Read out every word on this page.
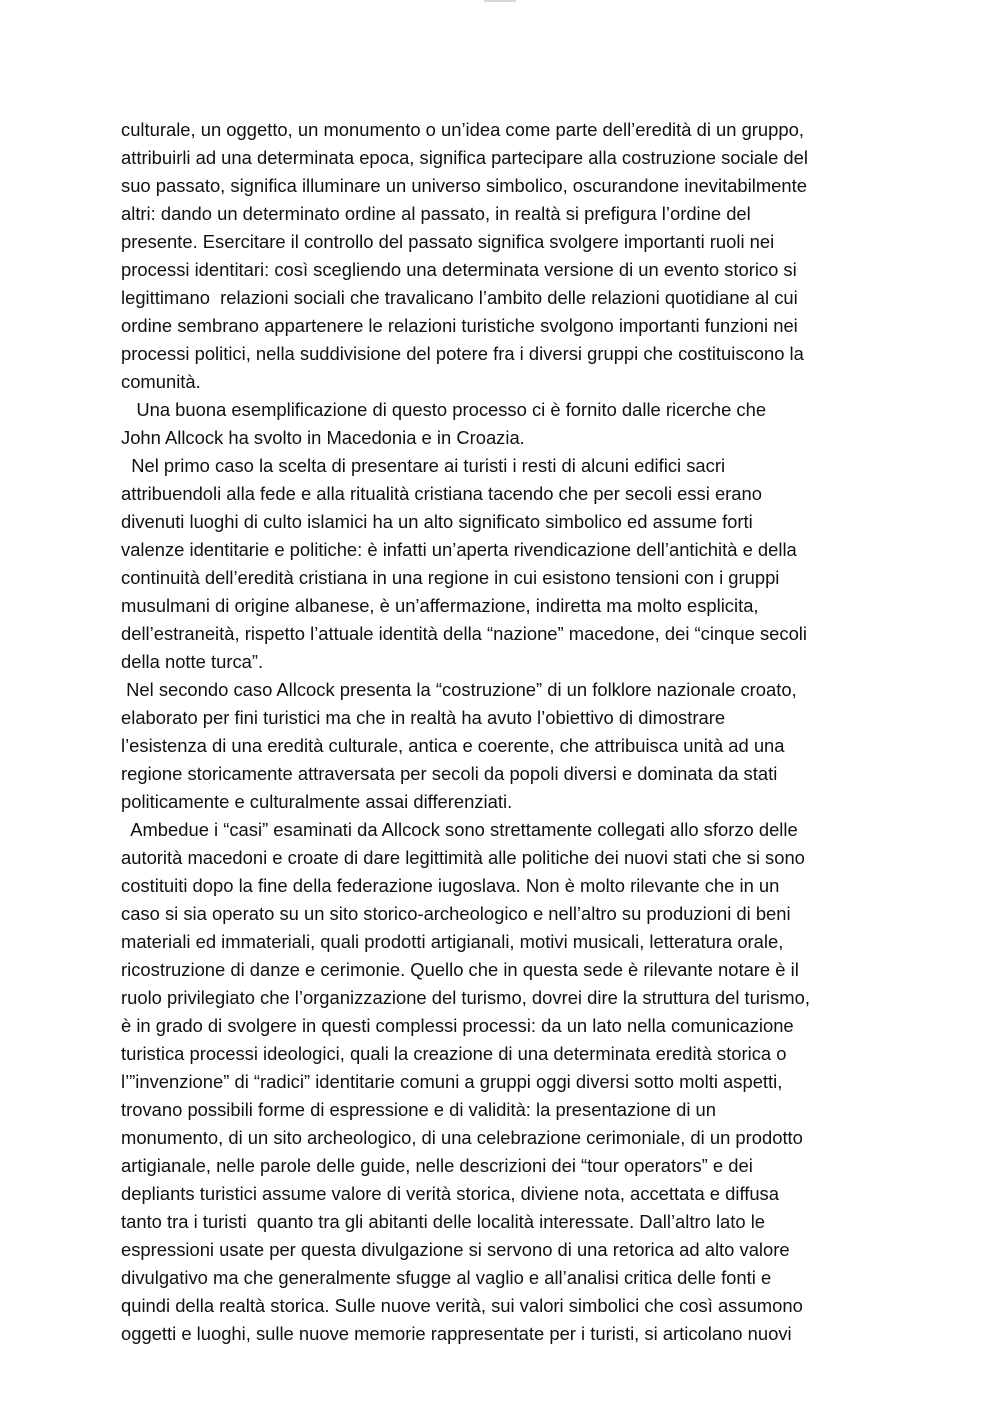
culturale, un oggetto, un monumento o un’idea come parte dell’eredità di un gruppo,
attribuirli ad una determinata epoca, significa partecipare alla costruzione sociale del
suo passato, significa illuminare un universo simbolico, oscurandone inevitabilmente
altri: dando un determinato ordine al passato, in realtà si prefigura l’ordine del
presente. Esercitare il controllo del passato significa svolgere importanti ruoli nei
processi identitari: così scegliendo una determinata versione di un evento storico si
legittimano  relazioni sociali che travalicano l’ambito delle relazioni quotidiane al cui
ordine sembrano appartenere le relazioni turistiche svolgono importanti funzioni nei
processi politici, nella suddivisione del potere fra i diversi gruppi che costituiscono la
comunità.
Una buona esemplificazione di questo processo ci è fornito dalle ricerche che
John Allcock ha svolto in Macedonia e in Croazia.
Nel primo caso la scelta di presentare ai turisti i resti di alcuni edifici sacri
attribuendoli alla fede e alla ritualità cristiana tacendo che per secoli essi erano
divenuti luoghi di culto islamici ha un alto significato simbolico ed assume forti
valenze identitarie e politiche: è infatti un’aperta rivendicazione dell’antichità e della
continuità dell’eredità cristiana in una regione in cui esistono tensioni con i gruppi
musulmani di origine albanese, è un’affermazione, indiretta ma molto esplicita,
dell’estraneità, rispetto l’attuale identità della “nazione” macedone, dei “cinque secoli
della notte turca”.
Nel secondo caso Allcock presenta la “costruzione” di un folklore nazionale croato,
elaborato per fini turistici ma che in realtà ha avuto l’obiettivo di dimostrare
l’esistenza di una eredità culturale, antica e coerente, che attribuisca unità ad una
regione storicamente attraversata per secoli da popoli diversi e dominata da stati
politicamente e culturalmente assai differenziati.
Ambedue i “casi” esaminati da Allcock sono strettamente collegati allo sforzo delle
autorità macedoni e croate di dare legittimità alle politiche dei nuovi stati che si sono
costituiti dopo la fine della federazione iugoslava. Non è molto rilevante che in un
caso si sia operato su un sito storico-archeologico e nell’altro su produzioni di beni
materiali ed immateriali, quali prodotti artigianali, motivi musicali, letteratura orale,
ricostruzione di danze e cerimonie. Quello che in questa sede è rilevante notare è il
ruolo privilegiato che l’organizzazione del turismo, dovrei dire la struttura del turismo,
è in grado di svolgere in questi complessi processi: da un lato nella comunicazione
turistica processi ideologici, quali la creazione di una determinata eredità storica o
l’”invenzione” di “radici” identitarie comuni a gruppi oggi diversi sotto molti aspetti,
trovano possibili forme di espressione e di validità: la presentazione di un
monumento, di un sito archeologico, di una celebrazione cerimoniale, di un prodotto
artigianale, nelle parole delle guide, nelle descrizioni dei “tour operators” e dei
depliants turistici assume valore di verità storica, diviene nota, accettata e diffusa
tanto tra i turisti  quanto tra gli abitanti delle località interessate. Dall’altro lato le
espressioni usate per questa divulgazione si servono di una retorica ad alto valore
divulgativo ma che generalmente sfugge al vaglio e all’analisi critica delle fonti e
quindi della realtà storica. Sulle nuove verità, sui valori simbolici che così assumono
oggetti e luoghi, sulle nuove memorie rappresentate per i turisti, si articolano nuovi
